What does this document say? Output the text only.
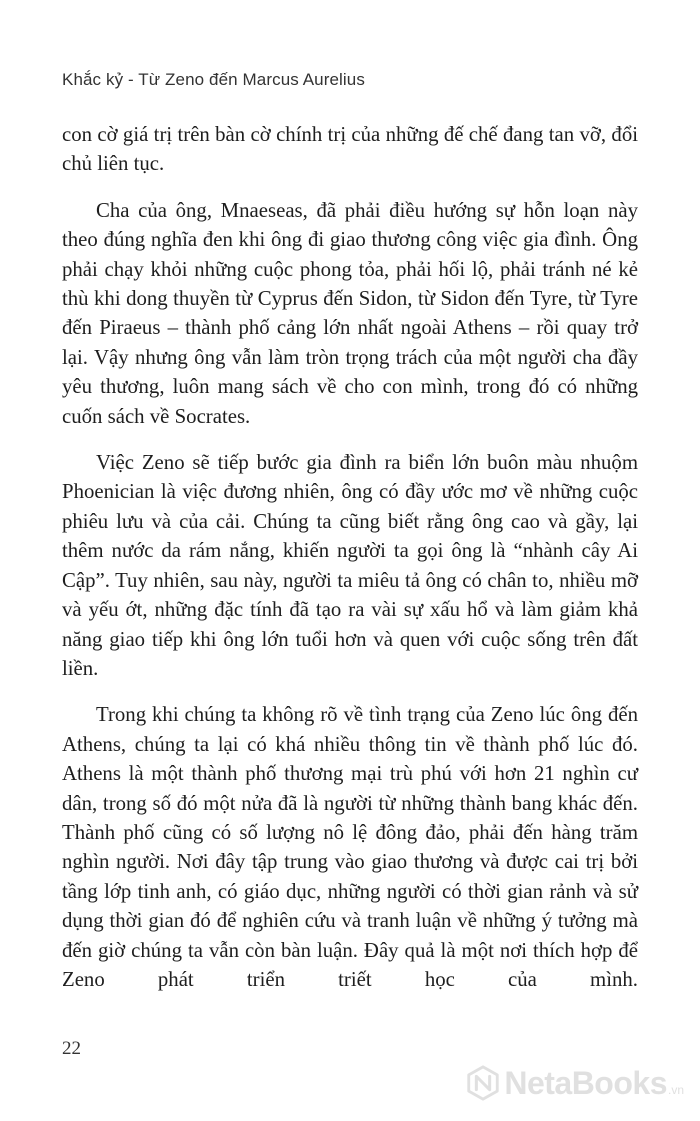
Khắc kỷ - Từ Zeno đến Marcus Aurelius

con cờ giá trị trên bàn cờ chính trị của những đế chế đang tan vỡ, đổi chủ liên tục.

Cha của ông, Mnaeseas, đã phải điều hướng sự hỗn loạn này theo đúng nghĩa đen khi ông đi giao thương công việc gia đình. Ông phải chạy khỏi những cuộc phong tỏa, phải hối lộ, phải tránh né kẻ thù khi dong thuyền từ Cyprus đến Sidon, từ Sidon đến Tyre, từ Tyre đến Piraeus – thành phố cảng lớn nhất ngoài Athens – rồi quay trở lại. Vậy nhưng ông vẫn làm tròn trọng trách của một người cha đầy yêu thương, luôn mang sách về cho con mình, trong đó có những cuốn sách về Socrates.

Việc Zeno sẽ tiếp bước gia đình ra biển lớn buôn màu nhuộm Phoenician là việc đương nhiên, ông có đầy ước mơ về những cuộc phiêu lưu và của cải. Chúng ta cũng biết rằng ông cao và gầy, lại thêm nước da rám nắng, khiến người ta gọi ông là “nhành cây Ai Cập”. Tuy nhiên, sau này, người ta miêu tả ông có chân to, nhiều mỡ và yếu ớt, những đặc tính đã tạo ra vài sự xấu hổ và làm giảm khả năng giao tiếp khi ông lớn tuổi hơn và quen với cuộc sống trên đất liền.

Trong khi chúng ta không rõ về tình trạng của Zeno lúc ông đến Athens, chúng ta lại có khá nhiều thông tin về thành phố lúc đó. Athens là một thành phố thương mại trù phú với hơn 21 nghìn cư dân, trong số đó một nửa đã là người từ những thành bang khác đến. Thành phố cũng có số lượng nô lệ đông đảo, phải đến hàng trăm nghìn người. Nơi đây tập trung vào giao thương và được cai trị bởi tầng lớp tinh anh, có giáo dục, những người có thời gian rảnh và sử dụng thời gian đó để nghiên cứu và tranh luận về những ý tưởng mà đến giờ chúng ta vẫn còn bàn luận. Đây quả là một nơi thích hợp để Zeno phát triển triết học của mình.

22
NetaBooks .vn
